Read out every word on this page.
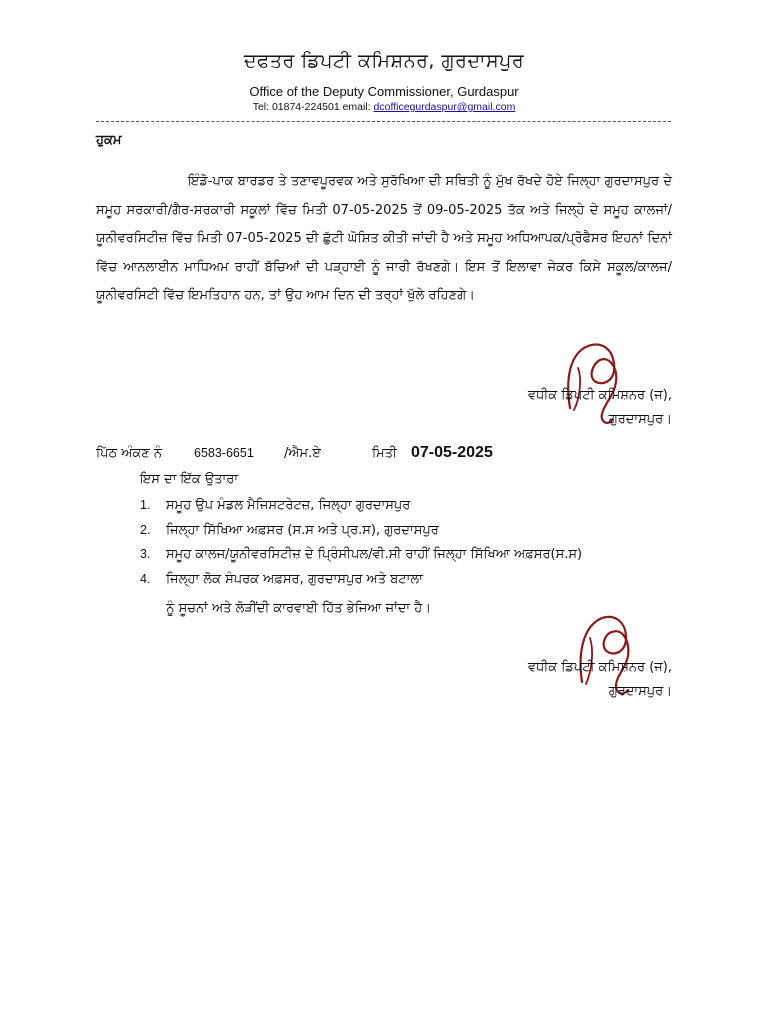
ਦਫਤਰ ਡਿਪਟੀ ਕਮਿਸ਼ਨਰ, ਗੁਰਦਾਸਪੁਰ
Office of the Deputy Commissioner, Gurdaspur
Tel: 01874-224501 email: dcofficegurdaspur@gmail.com
ਹੁਕਮ

ਇੰਡੋ-ਪਾਕ ਬਾਰਡਰ ਤੇ ਤਣਾਵਪੂਰਵਕ ਅਤੇ ਸੁਰੱਖਿਆ ਦੀ ਸਥਿਤੀ ਨੂੰ ਮੁੱਖ ਰੱਖਦੇ ਹੋਏ ਜਿਲ੍ਹਾ ਗੁਰਦਾਸਪੁਰ ਦੇ ਸਮੂਹ ਸਰਕਾਰੀ/ਗੈਰ-ਸਰਕਾਰੀ ਸਕੂਲਾਂ ਵਿੱਚ ਮਿਤੀ 07-05-2025 ਤੋਂ 09-05-2025 ਤੱਕ ਅਤੇ ਜਿਲ੍ਹੇ ਦੇ ਸਮੂਹ ਕਾਲਜਾਂ/ਯੂਨੀਵਰਸਿਟੀਜ਼ ਵਿੱਚ ਮਿਤੀ 07-05-2025 ਦੀ ਛੁੱਟੀ ਘੋਸ਼ਿਤ ਕੀਤੀ ਜਾਂਦੀ ਹੈ ਅਤੇ ਸਮੂਹ ਅਧਿਆਪਕ/ਪ੍ਰੋਫੈਸਰ ਇਹਨਾਂ ਦਿਨਾਂ ਵਿੱਚ ਆਨਲਾਈਨ ਮਾਧਿਅਮ ਰਾਹੀਂ ਬੱਚਿਆਂ ਦੀ ਪੜ੍ਹਾਈ ਨੂੰ ਜਾਰੀ ਰੱਖਣਗੇ। ਇਸ ਤੋਂ ਇਲਾਵਾ ਜੇਕਰ ਕਿਸੇ ਸਕੂਲ/ਕਾਲਜ/ਯੂਨੀਵਰਸਿਟੀ ਵਿੱਚ ਇਮਤਿਹਾਨ ਹਨ, ਤਾਂ ਉਹ ਆਮ ਦਿਨ ਦੀ ਤਰ੍ਹਾਂ ਖੁੱਲੇ ਰਹਿਣਗੇ।

ਵਧੀਕ ਡਿਪਟੀ ਕਮਿਸ਼ਨਰ (ਜ),
ਗੁਰਦਾਸਪੁਰ।
ਪਿੱਠ ਅੰਕਣ ਨੰ	6583-6651 /ਐਮ.ਏ	ਮਿਤੀ 07-05-2025
ਇਸ ਦਾ ਇੱਕ ਉਤਾਰਾ
1. ਸਮੂਹ ਉਪ ਮੰਡਲ ਮੈਜਿਸਟਰੇਟਜ਼, ਜਿਲ੍ਹਾ ਗੁਰਦਾਸਪੁਰ
2. ਜਿਲ੍ਹਾ ਸਿੱਖਿਆ ਅਫ਼ਸਰ (ਸ.ਸ ਅਤੇ ਪ੍ਰ.ਸ), ਗੁਰਦਾਸਪੁਰ
3. ਸਮੂਹ ਕਾਲਜ/ਯੂਨੀਵਰਸਿਟੀਜ਼ ਦੇ ਪ੍ਰਿੰਸੀਪਲ/ਵੀ.ਸੀ ਰਾਹੀਂ ਜਿਲ੍ਹਾ ਸਿੱਖਿਆ ਅਫ਼ਸਰ(ਸ.ਸ)
4. ਜਿਲ੍ਹਾ ਲੋਕ ਸੰਪਰਕ ਅਫ਼ਸਰ, ਗੁਰਦਾਸਪੁਰ ਅਤੇ ਬਟਾਲਾ
ਨੂੰ ਸੂਚਨਾਂ ਅਤੇ ਲੋੜੀਂਦੀ ਕਾਰਵਾਈ ਹਿੱਤ ਭੇਜਿਆ ਜਾਂਦਾ ਹੈ।
ਵਧੀਕ ਡਿਪਟੀ ਕਮਿਸ਼ਨਰ (ਜ),
ਗੁਰਦਾਸਪੁਰ।
